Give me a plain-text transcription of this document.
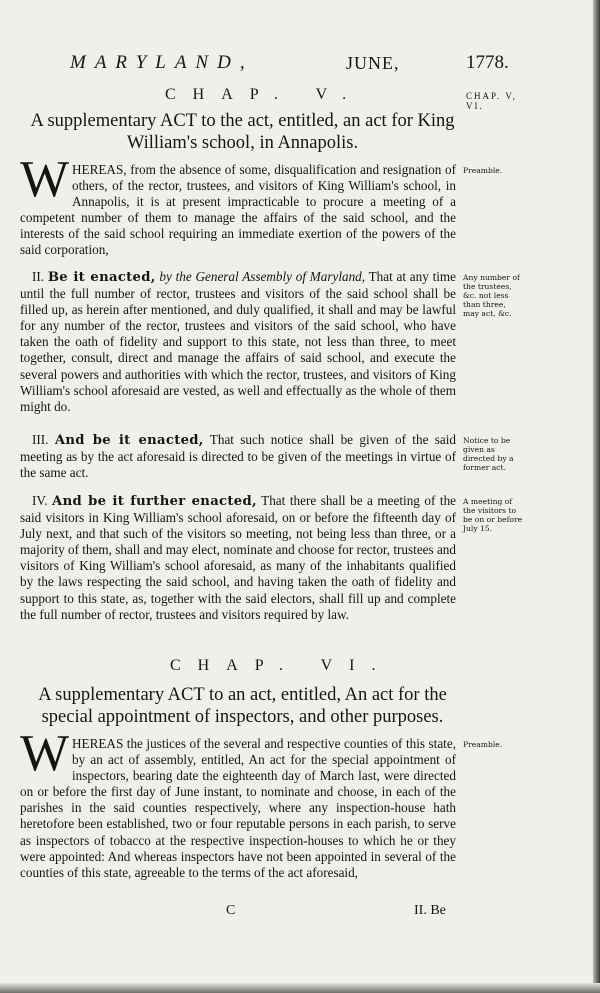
MARYLAND,	JUNE,	1778.
CHAP. V.	CHAP. V, VI.
A supplementary ACT to the act, entitled, an act for King William's school, in Annapolis.
W HEREAS, from the absence of some, disqualification and resignation of others, of the rector, trustees, and visitors of King William's school, in Annapolis, it is at present impracticable to procure a meeting of a competent number of them to manage the affairs of the said school, and the interests of the said school requiring an immediate exertion of the powers of the said corporation,
Preamble.
II. Be it enacted, by the General Assembly of Maryland, That at any time until the full number of rector, trustees and visitors of the said school shall be filled up, as herein after mentioned, and duly qualified, it shall and may be lawful for any number of the rector, trustees and visitors of the said school, who have taken the oath of fidelity and support to this state, not less than three, to meet together, consult, direct and manage the affairs of said school, and execute the several powers and authorities with which the rector, trustees, and visitors of King William's school aforesaid are vested, as well and effectually as the whole of them might do.
Any number of the trustees, &c. not less than three, may act, &c.
III. And be it enacted, That such notice shall be given of the said meeting as by the act aforesaid is directed to be given of the meetings in virtue of the same act.
Notice to be given as directed by a former act.
IV. And be it further enacted, That there shall be a meeting of the said visitors in King William's school aforesaid, on or before the fifteenth day of July next, and that such of the visitors so meeting, not being less than three, or a majority of them, shall and may elect, nominate and choose for rector, trustees and visitors of King William's school aforesaid, as many of the inhabitants qualified by the laws respecting the said school, and having taken the oath of fidelity and support to this state, as, together with the said electors, shall fill up and complete the full number of rector, trustees and visitors required by law.
A meeting of the visitors to be on or before July 15.
CHAP. VI.
A supplementary ACT to an act, entitled, An act for the special appointment of inspectors, and other purposes.
W HEREAS the justices of the several and respective counties of this state, by an act of assembly, entitled, An act for the special appointment of inspectors, bearing date the eighteenth day of March last, were directed on or before the first day of June instant, to nominate and choose, in each of the parishes in the said counties respectively, where any inspection-house hath heretofore been established, two or four reputable persons in each parish, to serve as inspectors of tobacco at the respective inspection-houses to which he or they were appointed: And whereas inspectors have not been appointed in several of the counties of this state, agreeable to the terms of the act aforesaid,
Preamble.
C	II. Be
